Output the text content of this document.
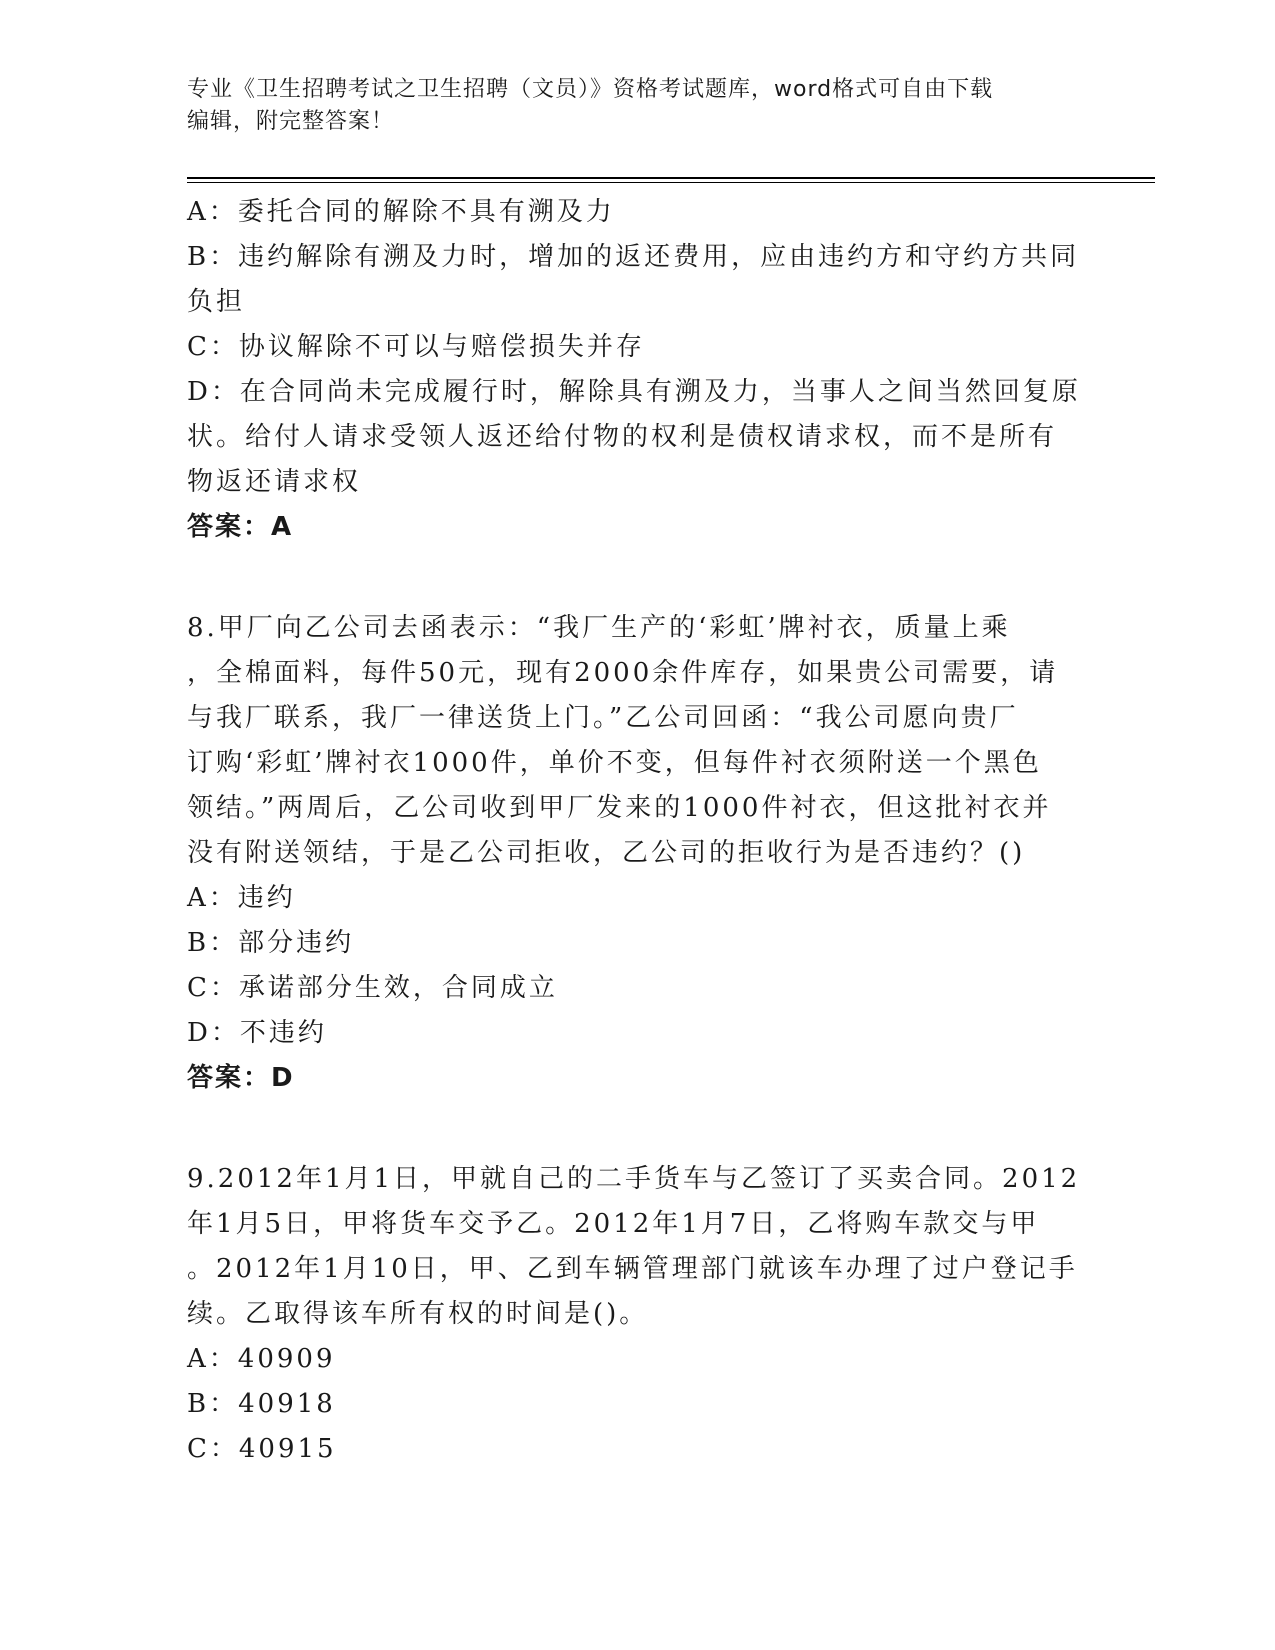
专业《卫生招聘考试之卫生招聘（文员）》资格考试题库，word格式可自由下载
编辑，附完整答案！
A：委托合同的解除不具有溯及力
B：违约解除有溯及力时，增加的返还费用，应由违约方和守约方共同
负担
C：协议解除不可以与赔偿损失并存
D：在合同尚未完成履行时，解除具有溯及力，当事人之间当然回复原
状。给付人请求受领人返还给付物的权利是债权请求权，而不是所有
物返还请求权
答案：A
8.甲厂向乙公司去函表示：“我厂生产的‘彩虹’牌衬衣，质量上乘
，全棉面料，每件50元，现有2000余件库存，如果贵公司需要，请
与我厂联系，我厂一律送货上门。”乙公司回函：“我公司愿向贵厂
订购‘彩虹’牌衬衣1000件，单价不变，但每件衬衣须附送一个黑色
领结。”两周后，乙公司收到甲厂发来的1000件衬衣，但这批衬衣并
没有附送领结，于是乙公司拒收，乙公司的拒收行为是否违约？()
A：违约
B：部分违约
C：承诺部分生效，合同成立
D：不违约
答案：D
9.2012年1月1日，甲就自己的二手货车与乙签订了买卖合同。2012
年1月5日，甲将货车交予乙。2012年1月7日，乙将购车款交与甲
。2012年1月10日，甲、乙到车辆管理部门就该车办理了过户登记手
续。乙取得该车所有权的时间是()。
A：40909
B：40918
C：40915
